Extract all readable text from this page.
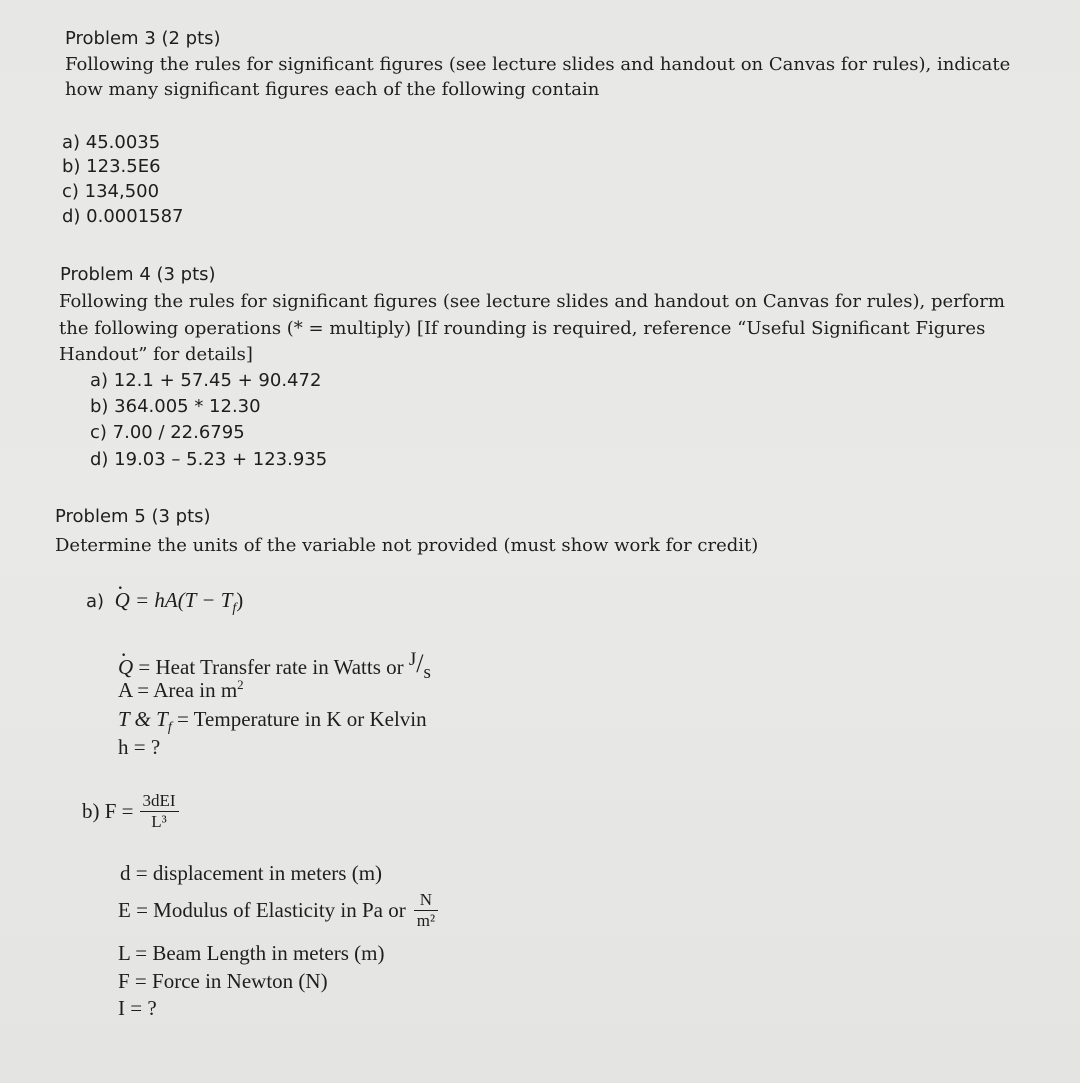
Problem 3 (2 pts)
Following the rules for significant figures (see lecture slides and handout on Canvas for rules), indicate
how many significant figures each of the following contain
a) 45.0035
b) 123.5E6
c) 134,500
d) 0.0001587
Problem 4 (3 pts)
Following the rules for significant figures (see lecture slides and handout on Canvas for rules), perform
the following operations (* = multiply) [If rounding is required, reference “Useful Significant Figures
Handout” for details]
a) 12.1 + 57.45 + 90.472
b) 364.005 * 12.30
c) 7.00 / 22.6795
d) 19.03 – 5.23 + 123.935
Problem 5 (3 pts)
Determine the units of the variable not provided (must show work for credit)
$a) \cdot Q = hA(T - T_f)$
· Q = Heat Transfer rate in Watts or J/s
A = Area in $m^2$
T & $T_f$ = Temperature in K or Kelvin
h = ?
b) $F = \frac{\text{3dEI}}{\text{L³}}$
d = displacement in meters (m)
E = Modulus of Elasticity in Pa or $\frac{N}{\text{m²}}$
L = Beam Length in meters (m)
F = Force in Newton (N)
I = ?
